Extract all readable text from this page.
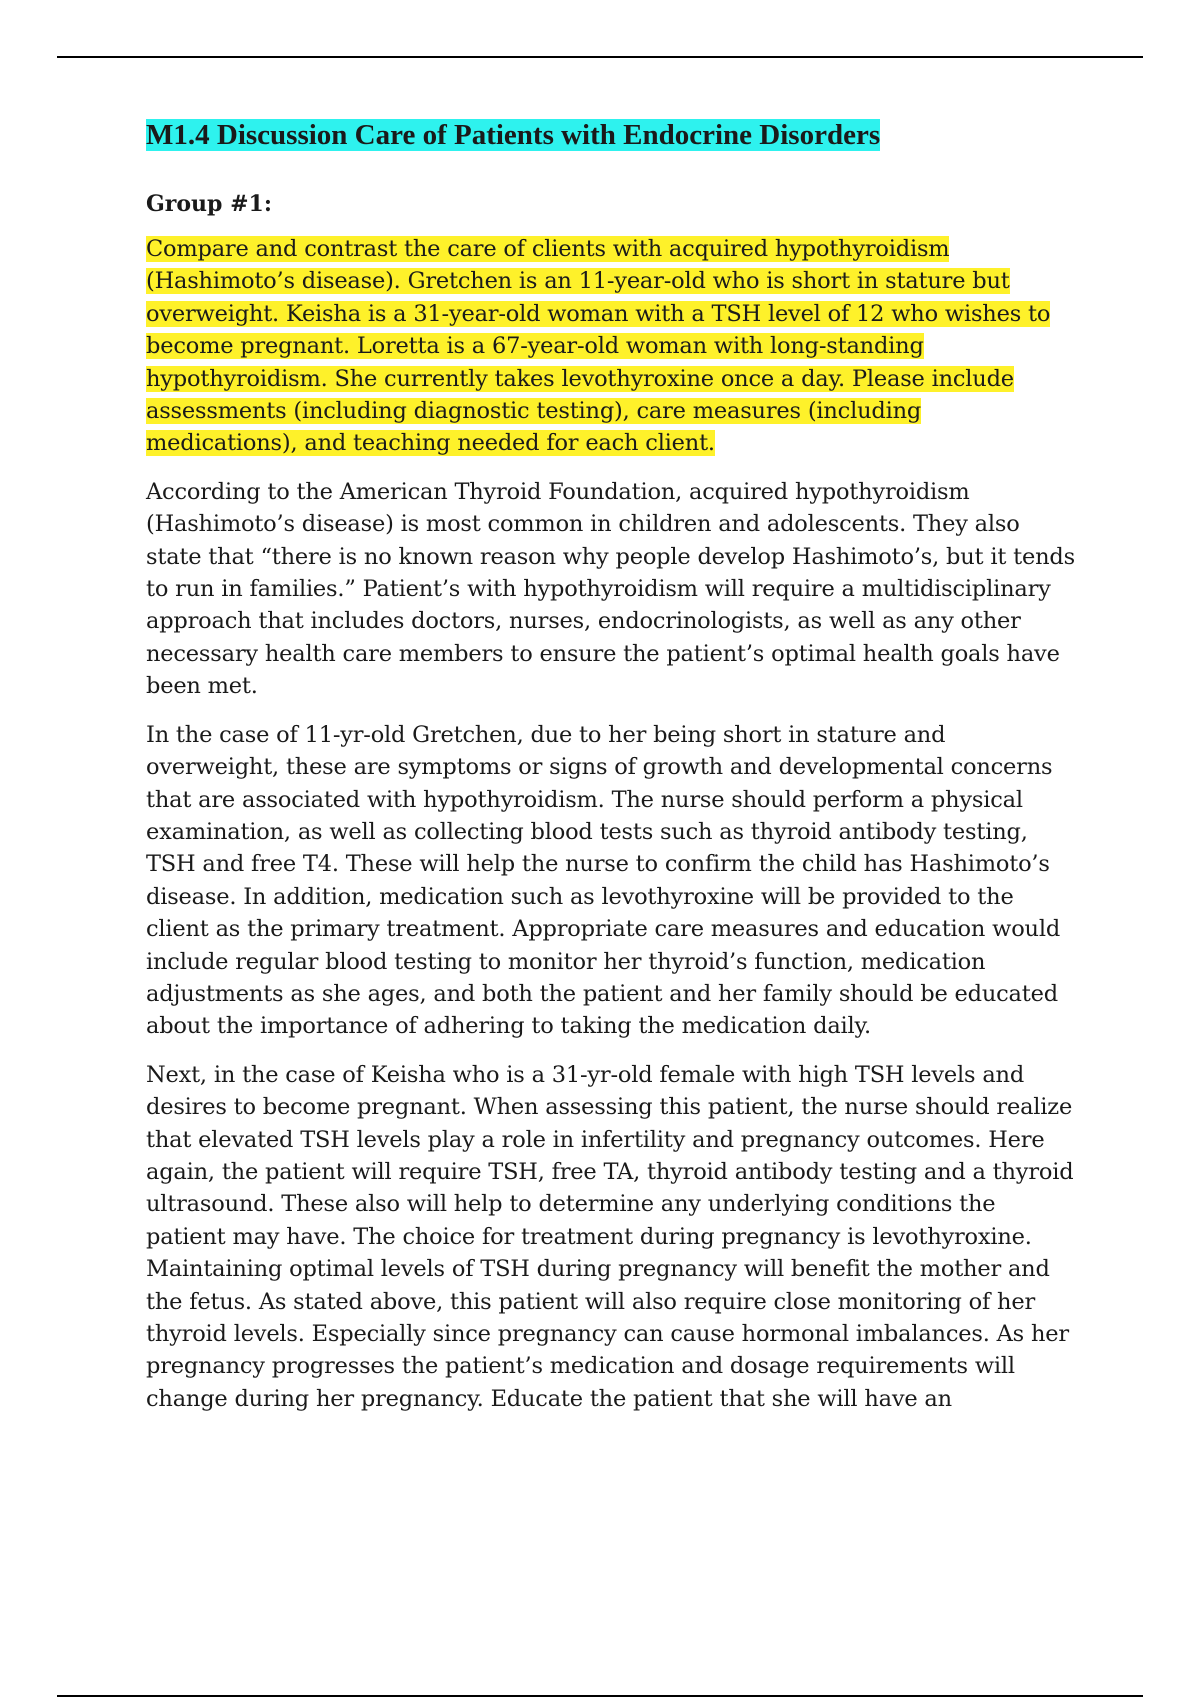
M1.4 Discussion Care of Patients with Endocrine Disorders
Group #1:

Compare and contrast the care of clients with acquired hypothyroidism (Hashimoto’s disease). Gretchen is an 11-year-old who is short in stature but overweight. Keisha is a 31-year-old woman with a TSH level of 12 who wishes to become pregnant. Loretta is a 67-year-old woman with long-standing hypothyroidism. She currently takes levothyroxine once a day. Please include assessments (including diagnostic testing), care measures (including medications), and teaching needed for each client.

According to the American Thyroid Foundation, acquired hypothyroidism (Hashimoto’s disease) is most common in children and adolescents. They also state that “there is no known reason why people develop Hashimoto’s, but it tends to run in families.” Patient’s with hypothyroidism will require a multidisciplinary approach that includes doctors, nurses, endocrinologists, as well as any other necessary health care members to ensure the patient’s optimal health goals have been met.

In the case of 11-yr-old Gretchen, due to her being short in stature and overweight, these are symptoms or signs of growth and developmental concerns that are associated with hypothyroidism. The nurse should perform a physical examination, as well as collecting blood tests such as thyroid antibody testing, TSH and free T4. These will help the nurse to confirm the child has Hashimoto’s disease. In addition, medication such as levothyroxine will be provided to the client as the primary treatment. Appropriate care measures and education would include regular blood testing to monitor her thyroid’s function, medication adjustments as she ages, and both the patient and her family should be educated about the importance of adhering to taking the medication daily.

Next, in the case of Keisha who is a 31-yr-old female with high TSH levels and desires to become pregnant. When assessing this patient, the nurse should realize that elevated TSH levels play a role in infertility and pregnancy outcomes. Here again, the patient will require TSH, free TA, thyroid antibody testing and a thyroid ultrasound. These also will help to determine any underlying conditions the patient may have. The choice for treatment during pregnancy is levothyroxine. Maintaining optimal levels of TSH during pregnancy will benefit the mother and the fetus. As stated above, this patient will also require close monitoring of her thyroid levels. Especially since pregnancy can cause hormonal imbalances. As her pregnancy progresses the patient’s medication and dosage requirements will change during her pregnancy. Educate the patient that she will have an
